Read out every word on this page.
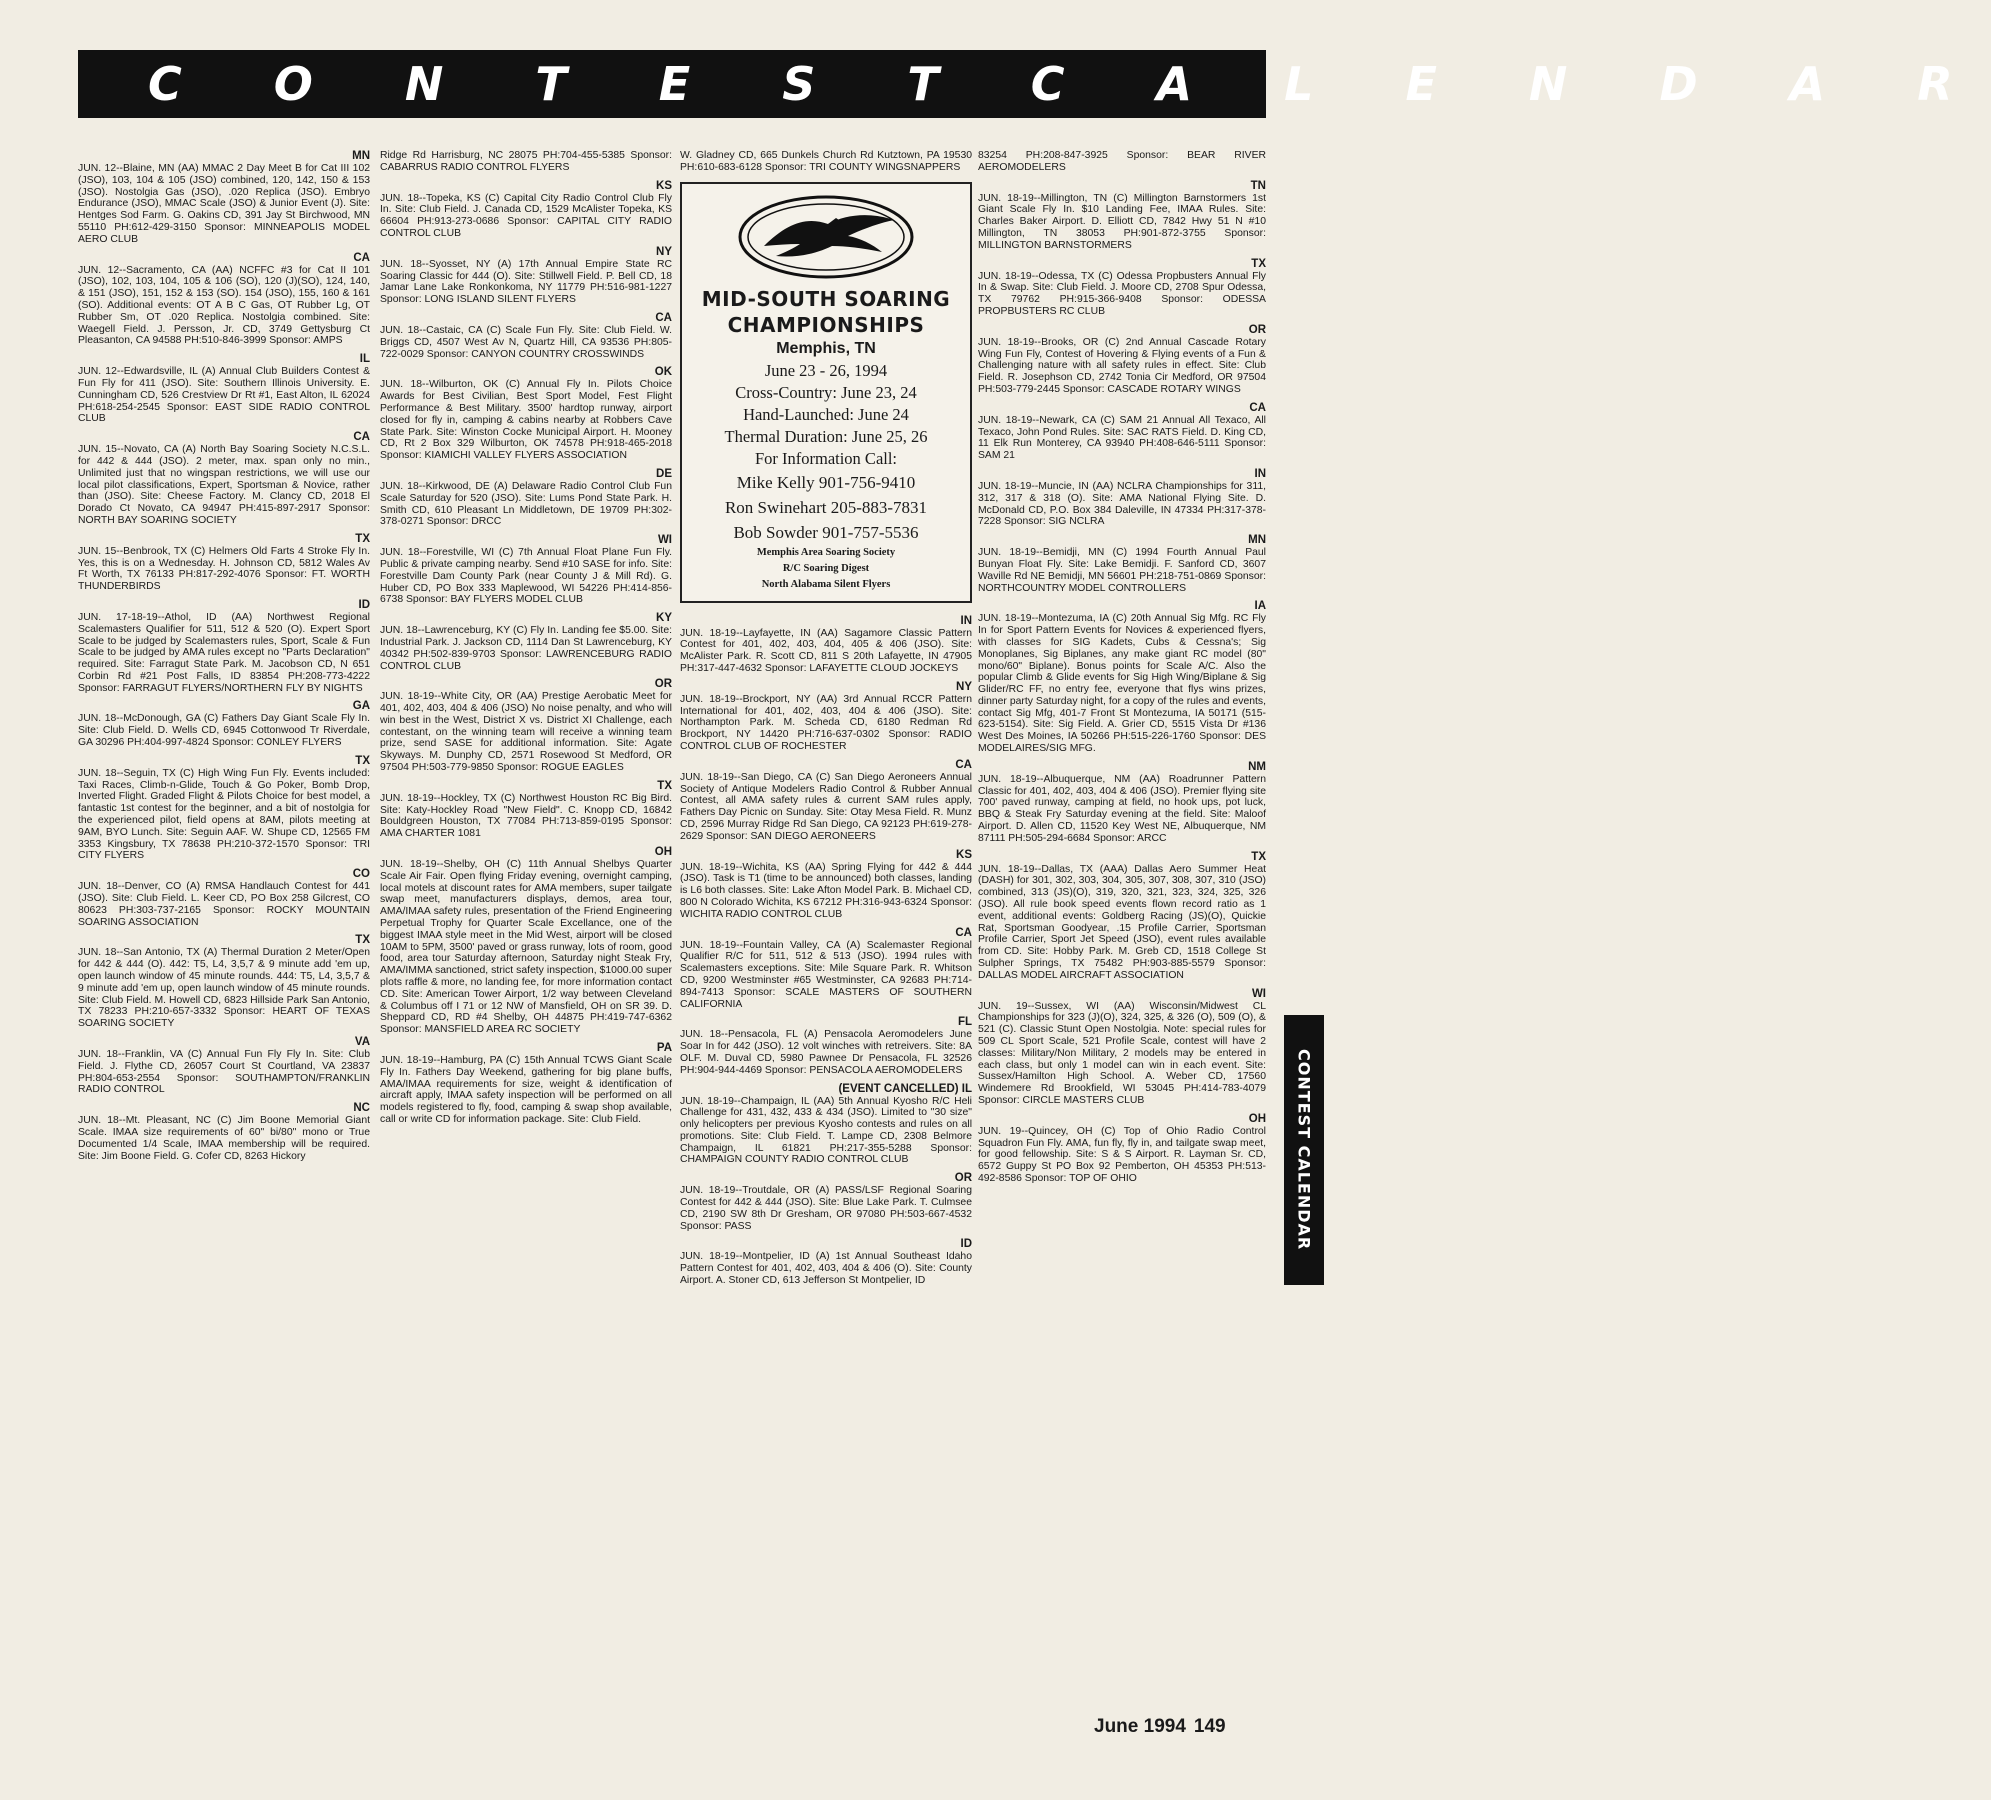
C O N T E S T C A L E N D A R
MN

JUN. 12--Blaine, MN (AA) MMAC 2 Day Meet B for Cat III 102 (JSO), 103, 104 & 105 (JSO) combined, 120, 142, 150 & 153 (JSO). Nostolgia Gas (JSO), .020 Replica (JSO). Embryo Endurance (JSO), MMAC Scale (JSO) & Junior Event (J). Site: Hentges Sod Farm. G. Oakins CD, 391 Jay St Birchwood, MN 55110 PH:612-429-3150 Sponsor: MINNEAPOLIS MODEL AERO CLUB

CA

JUN. 12--Sacramento, CA (AA) NCFFC #3 for Cat II 101 (JSO), 102, 103, 104, 105 & 106 (SO), 120 (J)(SO), 124, 140, & 151 (JSO), 151, 152 & 153 (SO). 154 (JSO), 155, 160 & 161 (SO). Additional events: OT A B C Gas, OT Rubber Lg, OT Rubber Sm, OT .020 Replica. Nostolgia combined. Site: Waegell Field. J. Persson, Jr. CD, 3749 Gettysburg Ct Pleasanton, CA 94588 PH:510-846-3999 Sponsor: AMPS

IL

JUN. 12--Edwardsville, IL (A) Annual Club Builders Contest & Fun Fly for 411 (JSO). Site: Southern Illinois University. E. Cunningham CD, 526 Crestview Dr Rt #1, East Alton, IL 62024 PH:618-254-2545 Sponsor: EAST SIDE RADIO CONTROL CLUB

CA

JUN. 15--Novato, CA (A) North Bay Soaring Society N.C.S.L. for 442 & 444 (JSO). 2 meter, max. span only no min., Unlimited just that no wingspan restrictions, we will use our local pilot classifications, Expert, Sportsman & Novice, rather than (JSO). Site: Cheese Factory. M. Clancy CD, 2018 El Dorado Ct Novato, CA 94947 PH:415-897-2917 Sponsor: NORTH BAY SOARING SOCIETY

TX

JUN. 15--Benbrook, TX (C) Helmers Old Farts 4 Stroke Fly In. Yes, this is on a Wednesday. H. Johnson CD, 5812 Wales Av Ft Worth, TX 76133 PH:817-292-4076 Sponsor: FT. WORTH THUNDERBIRDS

ID

JUN. 17-18-19--Athol, ID (AA) Northwest Regional Scalemasters Qualifier for 511, 512 & 520 (O). Expert Sport Scale to be judged by Scalemasters rules, Sport, Scale & Fun Scale to be judged by AMA rules except no "Parts Declaration" required. Site: Farragut State Park. M. Jacobson CD, N 651 Corbin Rd #21 Post Falls, ID 83854 PH:208-773-4222 Sponsor: FARRAGUT FLYERS/NORTHERN FLY BY NIGHTS

GA

JUN. 18--McDonough, GA (C) Fathers Day Giant Scale Fly In. Site: Club Field. D. Wells CD, 6945 Cottonwood Tr Riverdale, GA 30296 PH:404-997-4824 Sponsor: CONLEY FLYERS

TX

JUN. 18--Seguin, TX (C) High Wing Fun Fly. Events included: Taxi Races, Climb-n-Glide, Touch & Go Poker, Bomb Drop, Inverted Flight. Graded Flight & Pilots Choice for best model, a fantastic 1st contest for the beginner, and a bit of nostolgia for the experienced pilot, field opens at 8AM, pilots meeting at 9AM, BYO Lunch. Site: Seguin AAF. W. Shupe CD, 12565 FM 3353 Kingsbury, TX 78638 PH:210-372-1570 Sponsor: TRI CITY FLYERS

CO

JUN. 18--Denver, CO (A) RMSA Handlauch Contest for 441 (JSO). Site: Club Field. L. Keer CD, PO Box 258 Gilcrest, CO 80623 PH:303-737-2165 Sponsor: ROCKY MOUNTAIN SOARING ASSOCIATION

TX

JUN. 18--San Antonio, TX (A) Thermal Duration 2 Meter/Open for 442 & 444 (O). 442: T5, L4, 3,5,7 & 9 minute add 'em up, open launch window of 45 minute rounds. 444: T5, L4, 3,5,7 & 9 minute add 'em up, open launch window of 45 minute rounds. Site: Club Field. M. Howell CD, 6823 Hillside Park San Antonio, TX 78233 PH:210-657-3332 Sponsor: HEART OF TEXAS SOARING SOCIETY

VA

JUN. 18--Franklin, VA (C) Annual Fun Fly Fly In. Site: Club Field. J. Flythe CD, 26057 Court St Courtland, VA 23837 PH:804-653-2554 Sponsor: SOUTHAMPTON/FRANKLIN RADIO CONTROL

NC

JUN. 18--Mt. Pleasant, NC (C) Jim Boone Memorial Giant Scale. IMAA size requirements of 60" bi/80" mono or True Documented 1/4 Scale, IMAA membership will be required. Site: Jim Boone Field. G. Cofer CD, 8263 Hickory

Ridge Rd Harrisburg, NC 28075 PH:704-455-5385 Sponsor: CABARRUS RADIO CONTROL FLYERS

KS

JUN. 18--Topeka, KS (C) Capital City Radio Control Club Fly In. Site: Club Field. J. Canada CD, 1529 McAlister Topeka, KS 66604 PH:913-273-0686 Sponsor: CAPITAL CITY RADIO CONTROL CLUB

NY

JUN. 18--Syosset, NY (A) 17th Annual Empire State RC Soaring Classic for 444 (O). Site: Stillwell Field. P. Bell CD, 18 Jamar Lane Lake Ronkonkoma, NY 11779 PH:516-981-1227 Sponsor: LONG ISLAND SILENT FLYERS

CA

JUN. 18--Castaic, CA (C) Scale Fun Fly. Site: Club Field. W. Briggs CD, 4507 West Av N, Quartz Hill, CA 93536 PH:805-722-0029 Sponsor: CANYON COUNTRY CROSSWINDS

OK

JUN. 18--Wilburton, OK (C) Annual Fly In. Pilots Choice Awards for Best Civilian, Best Sport Model, Fest Flight Performance & Best Military. 3500' hardtop runway, airport closed for fly in, camping & cabins nearby at Robbers Cave State Park. Site: Winston Cocke Municipal Airport. H. Mooney CD, Rt 2 Box 329 Wilburton, OK 74578 PH:918-465-2018 Sponsor: KIAMICHI VALLEY FLYERS ASSOCIATION

DE

JUN. 18--Kirkwood, DE (A) Delaware Radio Control Club Fun Scale Saturday for 520 (JSO). Site: Lums Pond State Park. H. Smith CD, 610 Pleasant Ln Middletown, DE 19709 PH:302-378-0271 Sponsor: DRCC

WI

JUN. 18--Forestville, WI (C) 7th Annual Float Plane Fun Fly. Public & private camping nearby. Send #10 SASE for info. Site: Forestville Dam County Park (near County J & Mill Rd). G. Huber CD, PO Box 333 Maplewood, WI 54226 PH:414-856-6738 Sponsor: BAY FLYERS MODEL CLUB

KY

JUN. 18--Lawrenceburg, KY (C) Fly In. Landing fee $5.00. Site: Industrial Park. J. Jackson CD, 1114 Dan St Lawrenceburg, KY 40342 PH:502-839-9703 Sponsor: LAWRENCEBURG RADIO CONTROL CLUB

OR

JUN. 18-19--White City, OR (AA) Prestige Aerobatic Meet for 401, 402, 403, 404 & 406 (JSO) No noise penalty, and who will win best in the West, District X vs. District XI Challenge, each contestant, on the winning team will receive a winning team prize, send SASE for additional information. Site: Agate Skyways. M. Dunphy CD, 2571 Rosewood St Medford, OR 97504 PH:503-779-9850 Sponsor: ROGUE EAGLES

TX

JUN. 18-19--Hockley, TX (C) Northwest Houston RC Big Bird. Site: Katy-Hockley Road "New Field". C. Knopp CD, 16842 Bouldgreen Houston, TX 77084 PH:713-859-0195 Sponsor: AMA CHARTER 1081

OH

JUN. 18-19--Shelby, OH (C) 11th Annual Shelbys Quarter Scale Air Fair. Open flying Friday evening, overnight camping, local motels at discount rates for AMA members, super tailgate swap meet, manufacturers displays, demos, area tour, AMA/IMAA safety rules, presentation of the Friend Engineering Perpetual Trophy for Quarter Scale Excellance, one of the biggest IMAA style meet in the Mid West, airport will be closed 10AM to 5PM, 3500' paved or grass runway, lots of room, good food, area tour Saturday afternoon, Saturday night Steak Fry, AMA/IMMA sanctioned, strict safety inspection, $1000.00 super plots raffle & more, no landing fee, for more information contact CD. Site: American Tower Airport, 1/2 way between Cleveland & Columbus off I 71 or 12 NW of Mansfield, OH on SR 39. D. Sheppard CD, RD #4 Shelby, OH 44875 PH:419-747-6362 Sponsor: MANSFIELD AREA RC SOCIETY

PA

JUN. 18-19--Hamburg, PA (C) 15th Annual TCWS Giant Scale Fly In. Fathers Day Weekend, gathering for big plane buffs, AMA/IMAA requirements for size, weight & identification of aircraft apply, IMAA safety inspection will be performed on all models registered to fly, food, camping & swap shop available, call or write CD for information package. Site: Club Field.

W. Gladney CD, 665 Dunkels Church Rd Kutztown, PA 19530 PH:610-683-6128 Sponsor: TRI COUNTY WINGSNAPPERS

MID-SOUTH SOARING
CHAMPIONSHIPS
Memphis, TN
June 23 - 26, 1994
Cross-Country: June 23, 24
Hand-Launched: June 24
Thermal Duration: June 25, 26
For Information Call:
Mike Kelly 901-756-9410
Ron Swinehart 205-883-7831
Bob Sowder 901-757-5536
Memphis Area Soaring Society
R/C Soaring Digest
North Alabama Silent Flyers
IN

JUN. 18-19--Layfayette, IN (AA) Sagamore Classic Pattern Contest for 401, 402, 403, 404, 405 & 406 (JSO). Site: McAlister Park. R. Scott CD, 811 S 20th Lafayette, IN 47905 PH:317-447-4632 Sponsor: LAFAYETTE CLOUD JOCKEYS

NY

JUN. 18-19--Brockport, NY (AA) 3rd Annual RCCR Pattern International for 401, 402, 403, 404 & 406 (JSO). Site: Northampton Park. M. Scheda CD, 6180 Redman Rd Brockport, NY 14420 PH:716-637-0302 Sponsor: RADIO CONTROL CLUB OF ROCHESTER

CA

JUN. 18-19--San Diego, CA (C) San Diego Aeroneers Annual Society of Antique Modelers Radio Control & Rubber Annual Contest, all AMA safety rules & current SAM rules apply, Fathers Day Picnic on Sunday. Site: Otay Mesa Field. R. Munz CD, 2596 Murray Ridge Rd San Diego, CA 92123 PH:619-278-2629 Sponsor: SAN DIEGO AERONEERS

KS

JUN. 18-19--Wichita, KS (AA) Spring Flying for 442 & 444 (JSO). Task is T1 (time to be announced) both classes, landing is L6 both classes. Site: Lake Afton Model Park. B. Michael CD, 800 N Colorado Wichita, KS 67212 PH:316-943-6324 Sponsor: WICHITA RADIO CONTROL CLUB

CA

JUN. 18-19--Fountain Valley, CA (A) Scalemaster Regional Qualifier R/C for 511, 512 & 513 (JSO). 1994 rules with Scalemasters exceptions. Site: Mile Square Park. R. Whitson CD, 9200 Westminster #65 Westminster, CA 92683 PH:714-894-7413 Sponsor: SCALE MASTERS OF SOUTHERN CALIFORNIA

FL

JUN. 18--Pensacola, FL (A) Pensacola Aeromodelers June Soar In for 442 (JSO). 12 volt winches with retreivers. Site: 8A OLF. M. Duval CD, 5980 Pawnee Dr Pensacola, FL 32526 PH:904-944-4469 Sponsor: PENSACOLA AEROMODELERS

(EVENT CANCELLED) IL

JUN. 18-19--Champaign, IL (AA) 5th Annual Kyosho R/C Heli Challenge for 431, 432, 433 & 434 (JSO). Limited to "30 size" only helicopters per previous Kyosho contests and rules on all promotions. Site: Club Field. T. Lampe CD, 2308 Belmore Champaign, IL 61821 PH:217-355-5288 Sponsor: CHAMPAIGN COUNTY RADIO CONTROL CLUB

OR

JUN. 18-19--Troutdale, OR (A) PASS/LSF Regional Soaring Contest for 442 & 444 (JSO). Site: Blue Lake Park. T. Culmsee CD, 2190 SW 8th Dr Gresham, OR 97080 PH:503-667-4532 Sponsor: PASS

ID

JUN. 18-19--Montpelier, ID (A) 1st Annual Southeast Idaho Pattern Contest for 401, 402, 403, 404 & 406 (O). Site: County Airport. A. Stoner CD, 613 Jefferson St Montpelier, ID

83254 PH:208-847-3925 Sponsor: BEAR RIVER AEROMODELERS

TN

JUN. 18-19--Millington, TN (C) Millington Barnstormers 1st Giant Scale Fly In. $10 Landing Fee, IMAA Rules. Site: Charles Baker Airport. D. Elliott CD, 7842 Hwy 51 N #10 Millington, TN 38053 PH:901-872-3755 Sponsor: MILLINGTON BARNSTORMERS

TX

JUN. 18-19--Odessa, TX (C) Odessa Propbusters Annual Fly In & Swap. Site: Club Field. J. Moore CD, 2708 Spur Odessa, TX 79762 PH:915-366-9408 Sponsor: ODESSA PROPBUSTERS RC CLUB

OR

JUN. 18-19--Brooks, OR (C) 2nd Annual Cascade Rotary Wing Fun Fly, Contest of Hovering & Flying events of a Fun & Challenging nature with all safety rules in effect. Site: Club Field. R. Josephson CD, 2742 Tonia Cir Medford, OR 97504 PH:503-779-2445 Sponsor: CASCADE ROTARY WINGS

CA

JUN. 18-19--Newark, CA (C) SAM 21 Annual All Texaco, All Texaco, John Pond Rules. Site: SAC RATS Field. D. King CD, 11 Elk Run Monterey, CA 93940 PH:408-646-5111 Sponsor: SAM 21

IN

JUN. 18-19--Muncie, IN (AA) NCLRA Championships for 311, 312, 317 & 318 (O). Site: AMA National Flying Site. D. McDonald CD, P.O. Box 384 Daleville, IN 47334 PH:317-378-7228 Sponsor: SIG NCLRA

MN

JUN. 18-19--Bemidji, MN (C) 1994 Fourth Annual Paul Bunyan Float Fly. Site: Lake Bemidji. F. Sanford CD, 3607 Waville Rd NE Bemidji, MN 56601 PH:218-751-0869 Sponsor: NORTHCOUNTRY MODEL CONTROLLERS

IA

JUN. 18-19--Montezuma, IA (C) 20th Annual Sig Mfg. RC Fly In for Sport Pattern Events for Novices & experienced flyers, with classes for SIG Kadets, Cubs & Cessna's; Sig Monoplanes, Sig Biplanes, any make giant RC model (80" mono/60" Biplane). Bonus points for Scale A/C. Also the popular Climb & Glide events for Sig High Wing/Biplane & Sig Glider/RC FF, no entry fee, everyone that flys wins prizes, dinner party Saturday night, for a copy of the rules and events, contact Sig Mfg, 401-7 Front St Montezuma, IA 50171 (515-623-5154). Site: Sig Field. A. Grier CD, 5515 Vista Dr #136 West Des Moines, IA 50266 PH:515-226-1760 Sponsor: DES MODELAIRES/SIG MFG.

NM

JUN. 18-19--Albuquerque, NM (AA) Roadrunner Pattern Classic for 401, 402, 403, 404 & 406 (JSO). Premier flying site 700' paved runway, camping at field, no hook ups, pot luck, BBQ & Steak Fry Saturday evening at the field. Site: Maloof Airport. D. Allen CD, 11520 Key West NE, Albuquerque, NM 87111 PH:505-294-6684 Sponsor: ARCC

TX

JUN. 18-19--Dallas, TX (AAA) Dallas Aero Summer Heat (DASH) for 301, 302, 303, 304, 305, 307, 308, 307, 310 (JSO) combined, 313 (JS)(O), 319, 320, 321, 323, 324, 325, 326 (JSO). All rule book speed events flown record ratio as 1 event, additional events: Goldberg Racing (JS)(O), Quickie Rat, Sportsman Goodyear, .15 Profile Carrier, Sportsman Profile Carrier, Sport Jet Speed (JSO), event rules available from CD. Site: Hobby Park. M. Greb CD, 1518 College St Sulpher Springs, TX 75482 PH:903-885-5579 Sponsor: DALLAS MODEL AIRCRAFT ASSOCIATION

WI

JUN. 19--Sussex, WI (AA) Wisconsin/Midwest CL Championships for 323 (J)(O), 324, 325, & 326 (O), 509 (O), & 521 (C). Classic Stunt Open Nostolgia. Note: special rules for 509 CL Sport Scale, 521 Profile Scale, contest will have 2 classes: Military/Non Military, 2 models may be entered in each class, but only 1 model can win in each event. Site: Sussex/Hamilton High School. A. Weber CD, 17560 Windemere Rd Brookfield, WI 53045 PH:414-783-4079 Sponsor: CIRCLE MASTERS CLUB

OH

JUN. 19--Quincey, OH (C) Top of Ohio Radio Control Squadron Fun Fly. AMA, fun fly, fly in, and tailgate swap meet, for good fellowship. Site: S & S Airport. R. Layman Sr. CD, 6572 Guppy St PO Box 92 Pemberton, OH 45353 PH:513-492-8586 Sponsor: TOP OF OHIO	CONTEST CALENDAR
June 1994 149
